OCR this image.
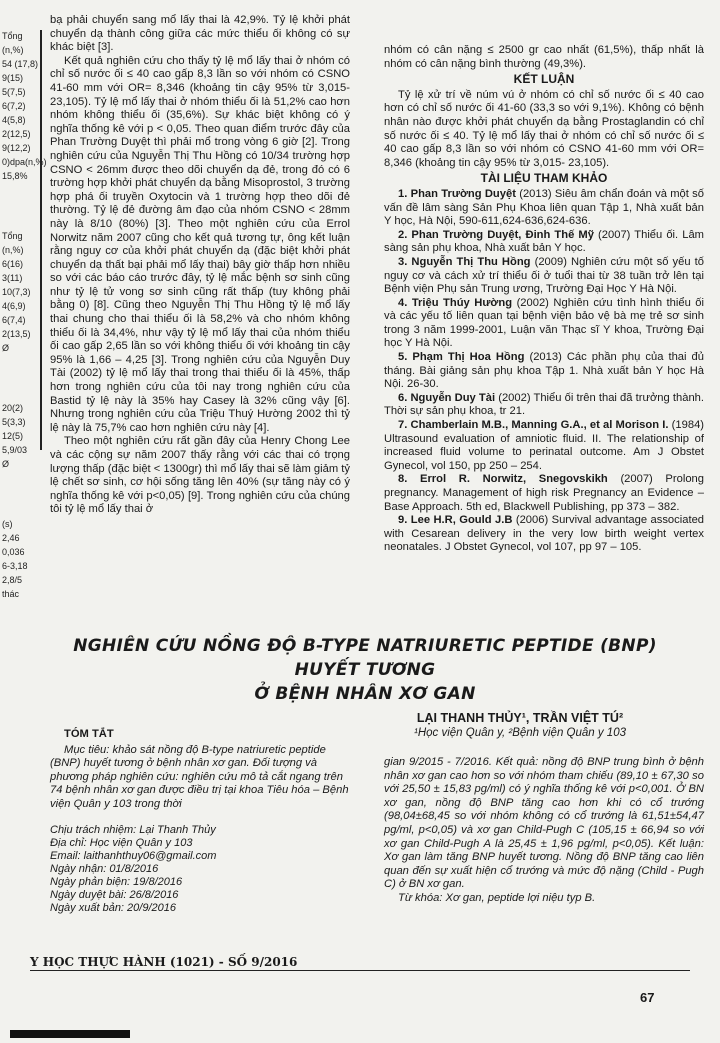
Tổng
(n,%)
54 (17,8)
9(15)
5(7,5)
6(7,2)
4(5,8)
2(12,5)
9(12,2)
0)dpa(n,%)
15,8%
Tổng
(n,%)
6(16)
3(11)
10(7,3)
4(6,9)
6(7,4)
2(13,5)
Ø
20(2)
5(3,3)
12(5)
5,9/03
Ø
(s)
2,46
0,036
6-3,18
2,8/5
thác

bạ phải chuyển sang mổ lấy thai là 42,9%. Tỷ lệ khởi phát chuyển dạ thành công giữa các mức thiểu ối không có sự khác biệt [3].

Kết quả nghiên cứu cho thấy tỷ lệ mổ lấy thai ở nhóm có chỉ số nước ối ≤ 40 cao gấp 8,3 lần so với nhóm có CSNO 41-60 mm với OR= 8,346 (khoảng tin cậy 95% từ 3,015- 23,105). Tỷ lệ mổ lấy thai ở nhóm thiểu ối là 51,2% cao hơn nhóm không thiểu ối (35,6%). Sự khác biệt không có ý nghĩa thống kê với p < 0,05. Theo quan điểm trước đây của Phan Trường Duyệt thì phải mổ trong vòng 6 giờ [2]. Trong nghiên cứu của Nguyễn Thị Thu Hồng có 10/34 trường hợp CSNO < 26mm được theo dõi chuyển dạ đẻ, trong đó có 6 trường hợp khởi phát chuyển dạ bằng Misoprostol, 3 trường hợp phá ối truyền Oxytocin và 1 trường hợp theo dõi đẻ thường. Tỷ lệ đẻ đường âm đạo của nhóm CSNO < 28mm này là 8/10 (80%) [3]. Theo một nghiên cứu của Errol Norwitz năm 2007 cũng cho kết quả tương tự, ông kết luận rằng nguy cơ của khởi phát chuyển dạ (đặc biệt khởi phát chuyển dạ thất bại phải mổ lấy thai) bây giờ thấp hơn nhiều so với các báo cáo trước đây, tỷ lệ mắc bệnh sơ sinh cũng như tỷ lệ tử vong sơ sinh cũng rất thấp (tuy không phải bằng 0) [8]. Cũng theo Nguyễn Thị Thu Hồng tỷ lệ mổ lấy thai chung cho thai thiểu ối là 58,2% và cho nhóm không thiểu ối là 34,4%, như vậy tỷ lệ mổ lấy thai của nhóm thiểu ối cao gấp 2,65 lần so với không thiểu ối với khoảng tin cậy 95% là 1,66 – 4,25 [3]. Trong nghiên cứu của Nguyễn Duy Tài (2002) tỷ lệ mổ lấy thai trong thai thiểu ối là 45%, thấp hơn trong nghiên cứu của tôi nay trong nghiên cứu của Bastid tỷ lệ này là 35% hay Casey là 32% cũng vậy [6]. Nhưng trong nghiên cứu của Triệu Thuý Hường 2002 thì tỷ lệ này là 75,7% cao hơn nghiên cứu này [4].

Theo một nghiên cứu rất gần đây của Henry Chong Lee và các cộng sự năm 2007 thấy rằng với các thai có trọng lượng thấp (đặc biệt < 1300gr) thì mổ lấy thai sẽ làm giảm tỷ lệ chết sơ sinh, cơ hội sống tăng lên 40% (sự tăng này có ý nghĩa thống kê với p<0,05) [9]. Trong nghiên cứu của chúng tôi tỷ lệ mổ lấy thai ở

nhóm có cân nặng ≤ 2500 gr cao nhất (61,5%), thấp nhất là nhóm có cân nặng bình thường (49,3%).

KẾT LUẬN

Tỷ lệ xử trí về núm vú ở nhóm có chỉ số nước ối ≤ 40 cao hơn có chỉ số nước ối 41-60 (33,3 so với 9,1%). Không có bệnh nhân nào được khởi phát chuyển dạ bằng Prostaglandin có chỉ số nước ối ≤ 40. Tỷ lệ mổ lấy thai ở nhóm có chỉ số nước ối ≤ 40 cao gấp 8,3 lần so với nhóm có CSNO 41-60 mm với OR= 8,346 (khoảng tin cậy 95% từ 3,015- 23,105).

TÀI LIỆU THAM KHẢO

1. Phan Trường Duyệt (2013) Siêu âm chẩn đoán và một số vấn đề lâm sàng Sản Phụ Khoa liên quan Tập 1, Nhà xuất bản Y học, Hà Nội, 590-611,624-636,624-636.

2. Phan Trường Duyệt, Đinh Thế Mỹ (2007) Thiểu ối. Lâm sàng sản phụ khoa, Nhà xuất bản Y học.

3. Nguyễn Thị Thu Hồng (2009) Nghiên cứu một số yếu tố nguy cơ và cách xử trí thiểu ối ở tuổi thai từ 38 tuần trở lên tại Bệnh viện Phụ sản Trung ương, Trường Đại Học Y Hà Nội.

4. Triệu Thúy Hường (2002) Nghiên cứu tình hình thiểu ối và các yếu tố liên quan tại bệnh viện bảo vệ bà mẹ trẻ sơ sinh trong 3 năm 1999-2001, Luận văn Thạc sĩ Y khoa, Trường Đại học Y Hà Nội.

5. Phạm Thị Hoa Hồng (2013) Các phần phụ của thai đủ tháng. Bài giảng sản phụ khoa Tập 1. Nhà xuất bản Y học Hà Nội. 26-30.

6. Nguyễn Duy Tài (2002) Thiểu ối trên thai đã trưởng thành. Thời sự sản phụ khoa, tr 21.

7. Chamberlain M.B., Manning G.A., et al Morison I. (1984) Ultrasound evaluation of amniotic fluid. II. The relationship of increased fluid volume to perinatal outcome. Am J Obstet Gynecol, vol 150, pp 250 – 254.

8. Errol R. Norwitz, Snegovskikh (2007) Prolong pregnancy. Management of high risk Pregnancy an Evidence – Base Approach. 5th ed, Blackwell Publishing, pp 373 – 382.

9. Lee H.R, Gould J.B (2006) Survival advantage associated with Cesarean delivery in the very low birth weight vertex neonatales. J Obstet Gynecol, vol 107, pp 97 – 105.

NGHIÊN CỨU NỒNG ĐỘ B-TYPE NATRIURETIC PEPTIDE (BNP) HUYẾT TƯƠNG
Ở BỆNH NHÂN XƠ GAN
LẠI THANH THỦY¹, TRẦN VIỆT TÚ²
¹Học viện Quân y, ²Bệnh viện Quân y 103
TÓM TẮT

Mục tiêu: khảo sát nồng độ B-type natriuretic peptide (BNP) huyết tương ở bệnh nhân xơ gan. Đối tượng và phương pháp nghiên cứu: nghiên cứu mô tả cắt ngang trên 74 bệnh nhân xơ gan được điều trị tại khoa Tiêu hóa – Bệnh viện Quân y 103 trong thời

Chịu trách nhiệm: Lại Thanh Thủy
Địa chỉ: Học viện Quân y 103
Email: laithanhthuy06@gmail.com
Ngày nhận: 01/8/2016
Ngày phản biện: 19/8/2016
Ngày duyệt bài: 26/8/2016
Ngày xuất bản: 20/9/2016

gian 9/2015 - 7/2016. Kết quả: nồng độ BNP trung bình ở bệnh nhân xơ gan cao hơn so với nhóm tham chiếu (89,10 ± 67,30 so với 25,50 ± 15,83 pg/ml) có ý nghĩa thống kê với p<0,001. Ở BN xơ gan, nồng độ BNP tăng cao hơn khi có cổ trướng (98,04±68,45 so với nhóm không có cổ trướng là 61,51±54,47 pg/ml, p<0,05) và xơ gan Child-Pugh C (105,15 ± 66,94 so với xơ gan Child-Pugh A là 25,45 ± 1,96 pg/ml, p<0,05). Kết luận: Xơ gan làm tăng BNP huyết tương. Nồng độ BNP tăng cao liên quan đến sự xuất hiện cổ trướng và mức độ nặng (Child - Pugh C) ở BN xơ gan.

Từ khóa: Xơ gan, peptide lợi niệu typ B.

Y HỌC THỰC HÀNH (1021) - SỐ 9/2016
67
